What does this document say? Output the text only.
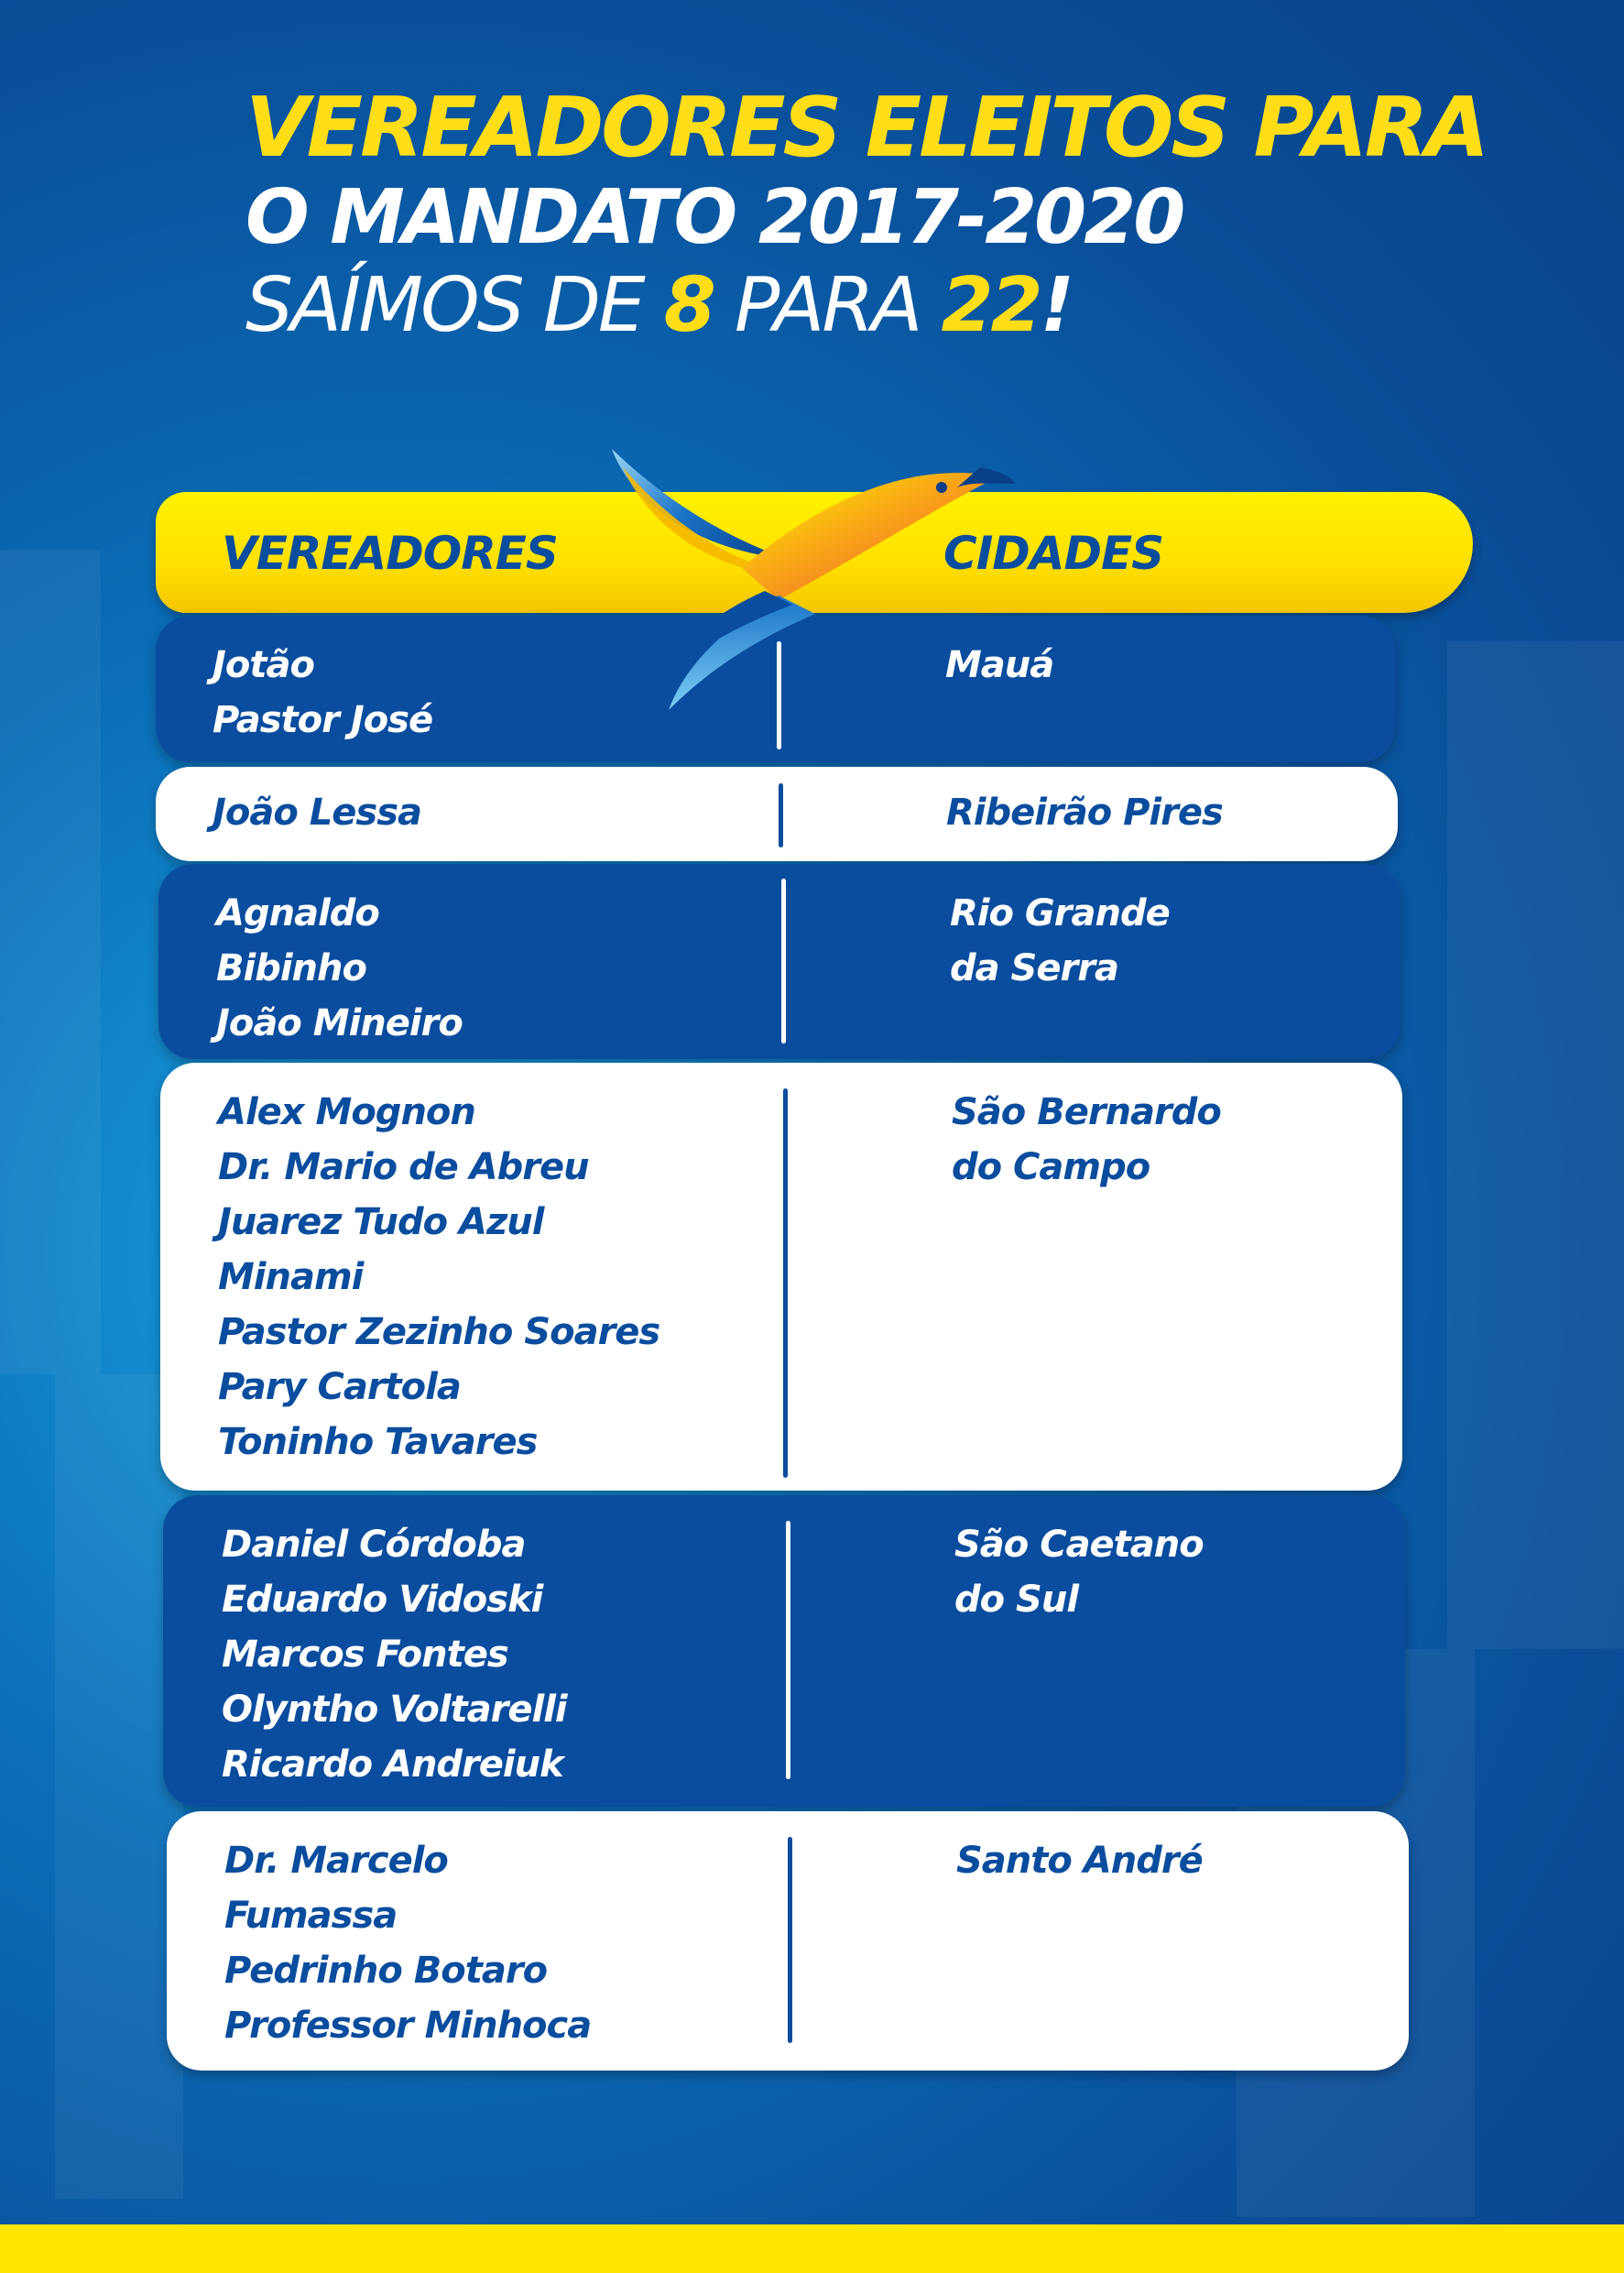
VEREADORES ELEITOS PARA
O MANDATO 2017-2020
SAÍMOS DE 8 PARA 22!
VEREADORES	CIDADES
Jotão
Pastor José
Mauá
João Lessa	Ribeirão Pires
Agnaldo
Bibinho
João Mineiro
Rio Grande
da Serra
Alex Mognon
Dr. Mario de Abreu
Juarez Tudo Azul
Minami
Pastor Zezinho Soares
Pary Cartola
Toninho Tavares
São Bernardo
do Campo
Daniel Córdoba
Eduardo Vidoski
Marcos Fontes
Olyntho Voltarelli
Ricardo Andreiuk
São Caetano
do Sul
Dr. Marcelo
Fumassa
Pedrinho Botaro
Professor Minhoca
Santo André
